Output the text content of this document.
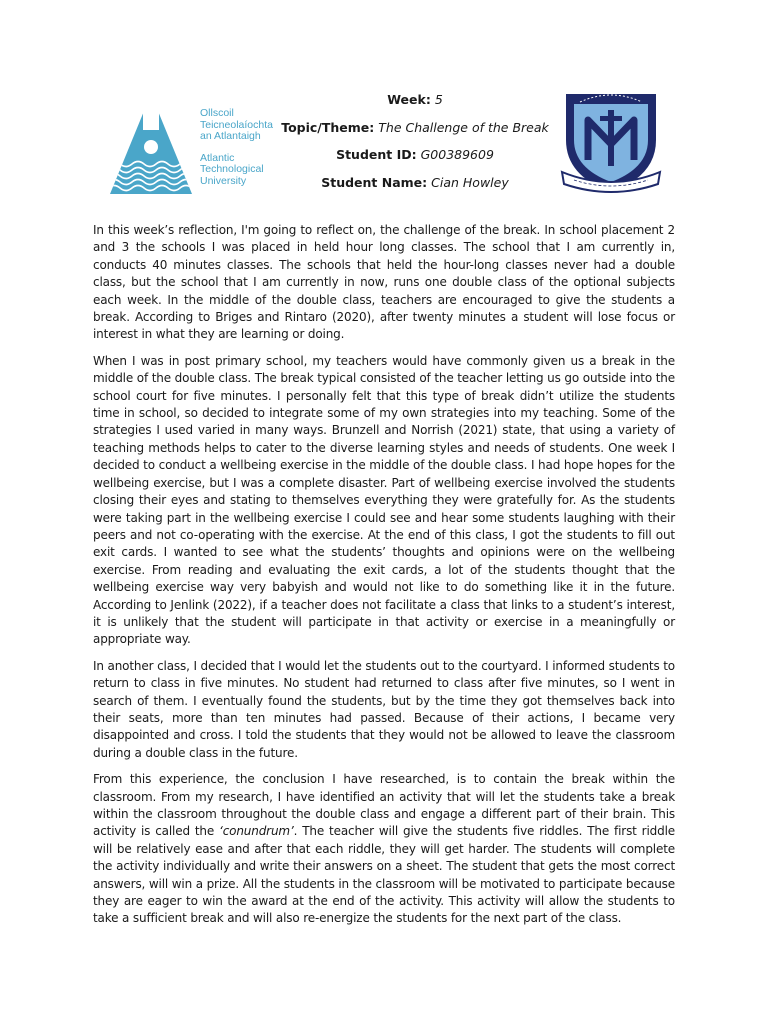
Ollscoil
Teicneolaíochta
an Atlantaigh
Atlantic
Technological
University
Week: 5
Topic/Theme: The Challenge of the Break
Student ID: G00389609
Student Name: Cian Howley

In this week’s reflection, I'm going to reflect on, the challenge of the break. In school placement 2 and 3 the schools I was placed in held hour long classes. The school that I am currently in, conducts 40 minutes classes. The schools that held the hour-long classes never had a double class, but the school that I am currently in now, runs one double class of the optional subjects each week. In the middle of the double class, teachers are encouraged to give the students a break. According to Briges and Rintaro (2020), after twenty minutes a student will lose focus or interest in what they are learning or doing.

When I was in post primary school, my teachers would have commonly given us a break in the middle of the double class. The break typical consisted of the teacher letting us go outside into the school court for five minutes. I personally felt that this type of break didn’t utilize the students time in school, so decided to integrate some of my own strategies into my teaching. Some of the strategies I used varied in many ways. Brunzell and Norrish (2021) state, that using a variety of teaching methods helps to cater to the diverse learning styles and needs of students. One week I decided to conduct a wellbeing exercise in the middle of the double class. I had hope hopes for the wellbeing exercise, but I was a complete disaster. Part of wellbeing exercise involved the students closing their eyes and stating to themselves everything they were gratefully for. As the students were taking part in the wellbeing exercise I could see and hear some students laughing with their peers and not co-operating with the exercise. At the end of this class, I got the students to fill out exit cards. I wanted to see what the students’ thoughts and opinions were on the wellbeing exercise. From reading and evaluating the exit cards, a lot of the students thought that the wellbeing exercise way very babyish and would not like to do something like it in the future. According to Jenlink (2022), if a teacher does not facilitate a class that links to a student’s interest, it is unlikely that the student will participate in that activity or exercise in a meaningfully or appropriate way.

In another class, I decided that I would let the students out to the courtyard. I informed students to return to class in five minutes. No student had returned to class after five minutes, so I went in search of them. I eventually found the students, but by the time they got themselves back into their seats, more than ten minutes had passed. Because of their actions, I became very disappointed and cross. I told the students that they would not be allowed to leave the classroom during a double class in the future.

From this experience, the conclusion I have researched, is to contain the break within the classroom. From my research, I have identified an activity that will let the students take a break within the classroom throughout the double class and engage a different part of their brain. This activity is called the ‘conundrum’. The teacher will give the students five riddles. The first riddle will be relatively ease and after that each riddle, they will get harder. The students will complete the activity individually and write their answers on a sheet. The student that gets the most correct answers, will win a prize. All the students in the classroom will be motivated to participate because they are eager to win the award at the end of the activity. This activity will allow the students to take a sufficient break and will also re-energize the students for the next part of the class.
